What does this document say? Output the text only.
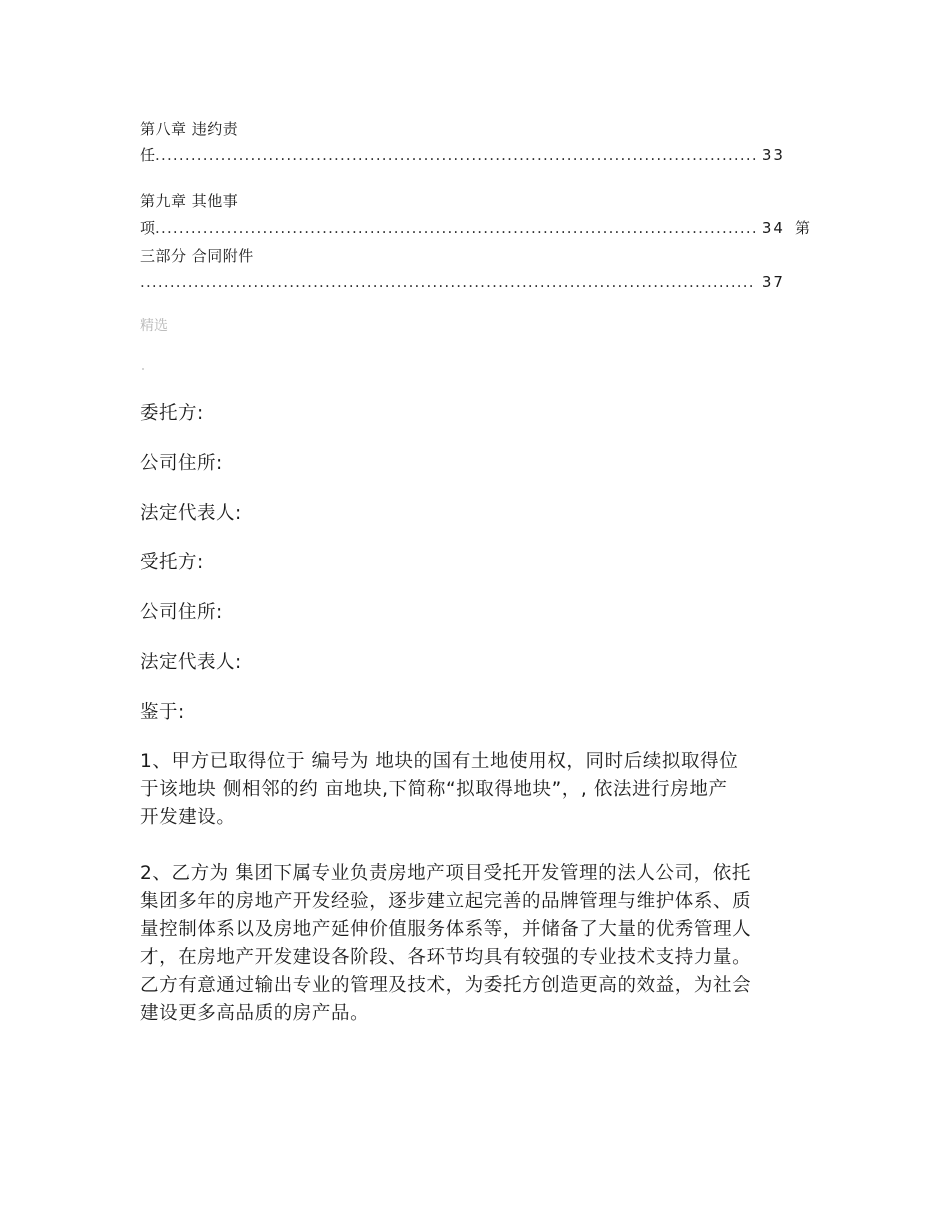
第八章 违约责
任 .....	33
第九章 其他事
项 .....	34 第
三部分 合同附件
.....
37
精选
委托方:
公司住所:
法定代表人:
受托方:
公司住所:
法定代表人:
鉴于:
1、甲方已取得位于 编号为 地块的国有土地使用权，同时后续拟取得位
于该地块 侧相邻的约 亩地块,下简称“拟取得地块”，, 依法进行房地产
开发建设。
2、乙方为 集团下属专业负责房地产项目受托开发管理的法人公司，依托
集团多年的房地产开发经验，逐步建立起完善的品牌管理与维护体系、质
量控制体系以及房地产延伸价值服务体系等，并储备了大量的优秀管理人
才，在房地产开发建设各阶段、各环节均具有较强的专业技术支持力量。
乙方有意通过输出专业的管理及技术，为委托方创造更高的效益，为社会
建设更多高品质的房产品。
